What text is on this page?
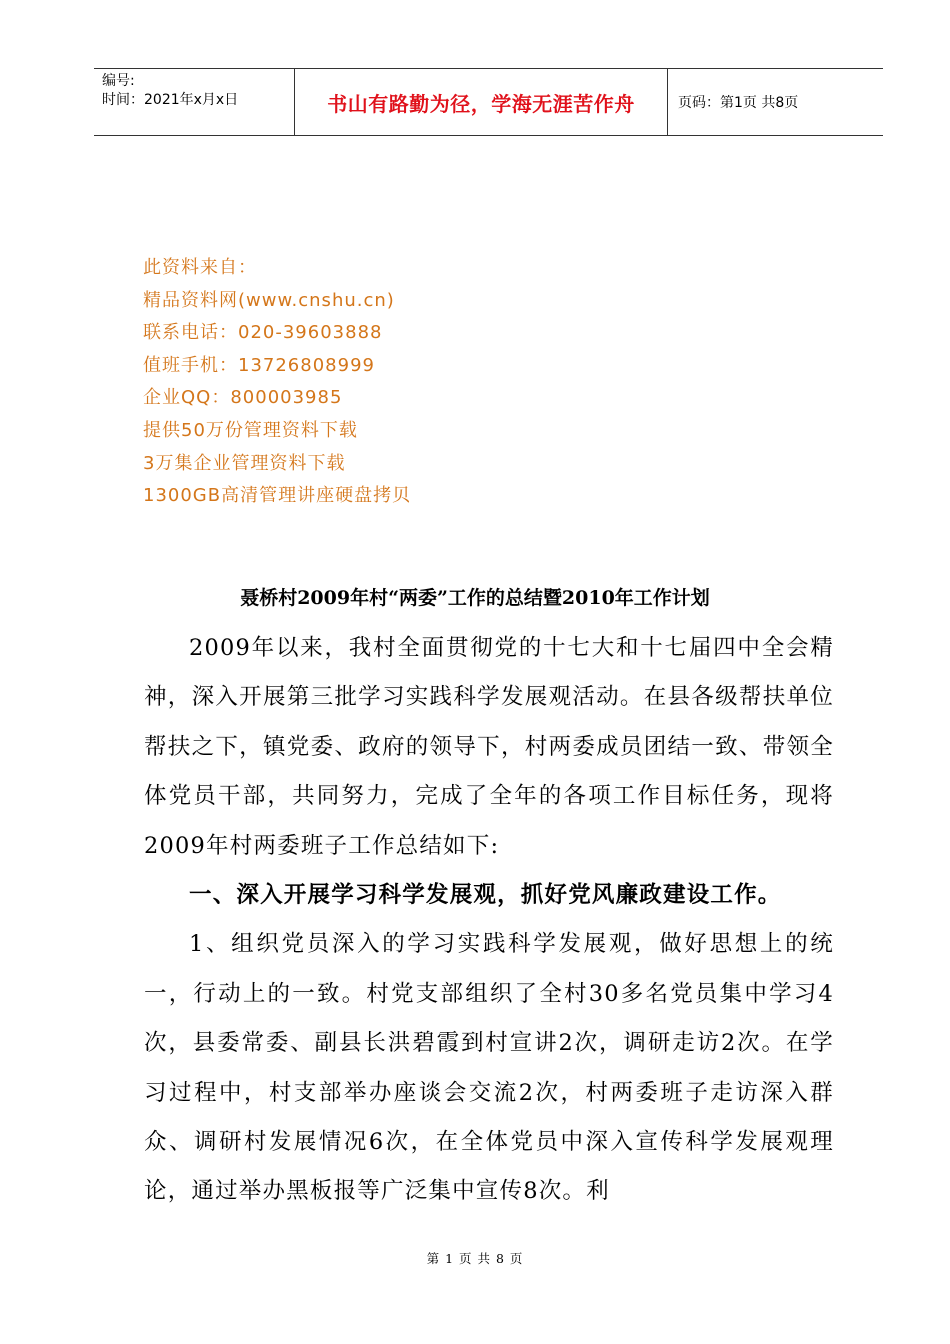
编号:
时间：2021年x月x日	书山有路勤为径，学海无涯苦作舟	页码：第1页 共8页
此资料来自：
精品资料网(www.cnshu.cn)
联系电话：020-39603888
值班手机：13726808999
企业QQ：800003985
提供50万份管理资料下载
3万集企业管理资料下载
1300GB高清管理讲座硬盘拷贝
聂桥村2009年村“两委”工作的总结暨2010年工作计划

2009年以来，我村全面贯彻党的十七大和十七届四中全会精神，深入开展第三批学习实践科学发展观活动。在县各级帮扶单位帮扶之下，镇党委、政府的领导下，村两委成员团结一致、带领全体党员干部，共同努力，完成了全年的各项工作目标任务，现将2009年村两委班子工作总结如下:

一、深入开展学习科学发展观，抓好党风廉政建设工作。

1、组织党员深入的学习实践科学发展观，做好思想上的统一，行动上的一致。村党支部组织了全村30多名党员集中学习4次，县委常委、副县长洪碧霞到村宣讲2次，调研走访2次。在学习过程中，村支部举办座谈会交流2次，村两委班子走访深入群众、调研村发展情况6次，在全体党员中深入宣传科学发展观理论，通过举办黑板报等广泛集中宣传8次。利

第 1 页 共 8 页
